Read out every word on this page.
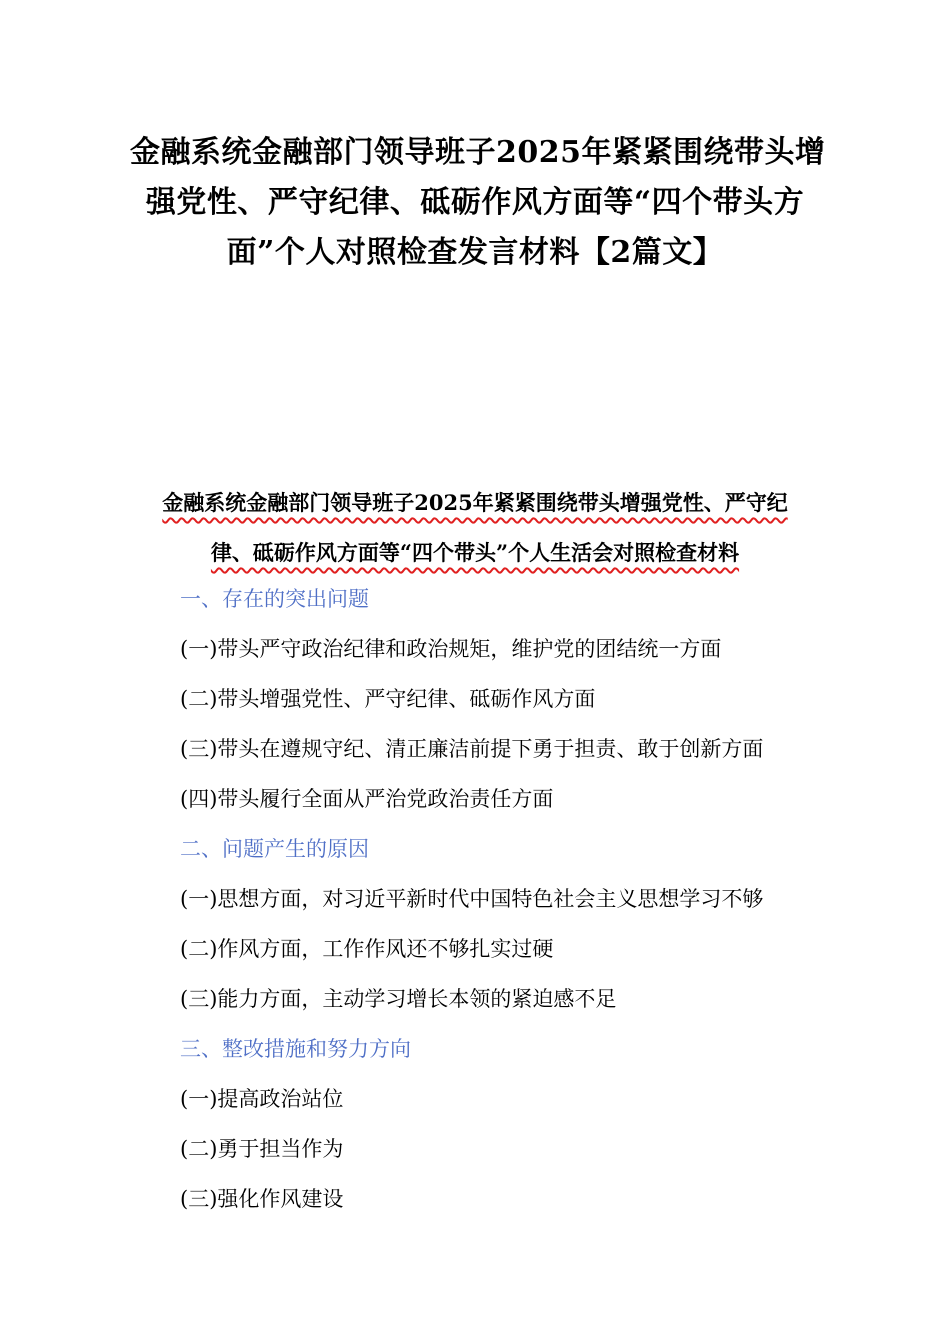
金融系统金融部门领导班子2025年紧紧围绕带头增
强党性、严守纪律、砥砺作风方面等“四个带头方
面”个人对照检查发言材料【2篇文】
金融系统金融部门领导班子2025年紧紧围绕带头增强党性、严守纪
律、砥砺作风方面等“四个带头”个人生活会对照检查材料
一、存在的突出问题
(一)带头严守政治纪律和政治规矩，维护党的团结统一方面
(二)带头增强党性、严守纪律、砥砺作风方面
(三)带头在遵规守纪、清正廉洁前提下勇于担责、敢于创新方面
(四)带头履行全面从严治党政治责任方面
二、问题产生的原因
(一)思想方面，对习近平新时代中国特色社会主义思想学习不够
(二)作风方面，工作作风还不够扎实过硬
(三)能力方面，主动学习增长本领的紧迫感不足
三、整改措施和努力方向
(一)提高政治站位
(二)勇于担当作为
(三)强化作风建设
